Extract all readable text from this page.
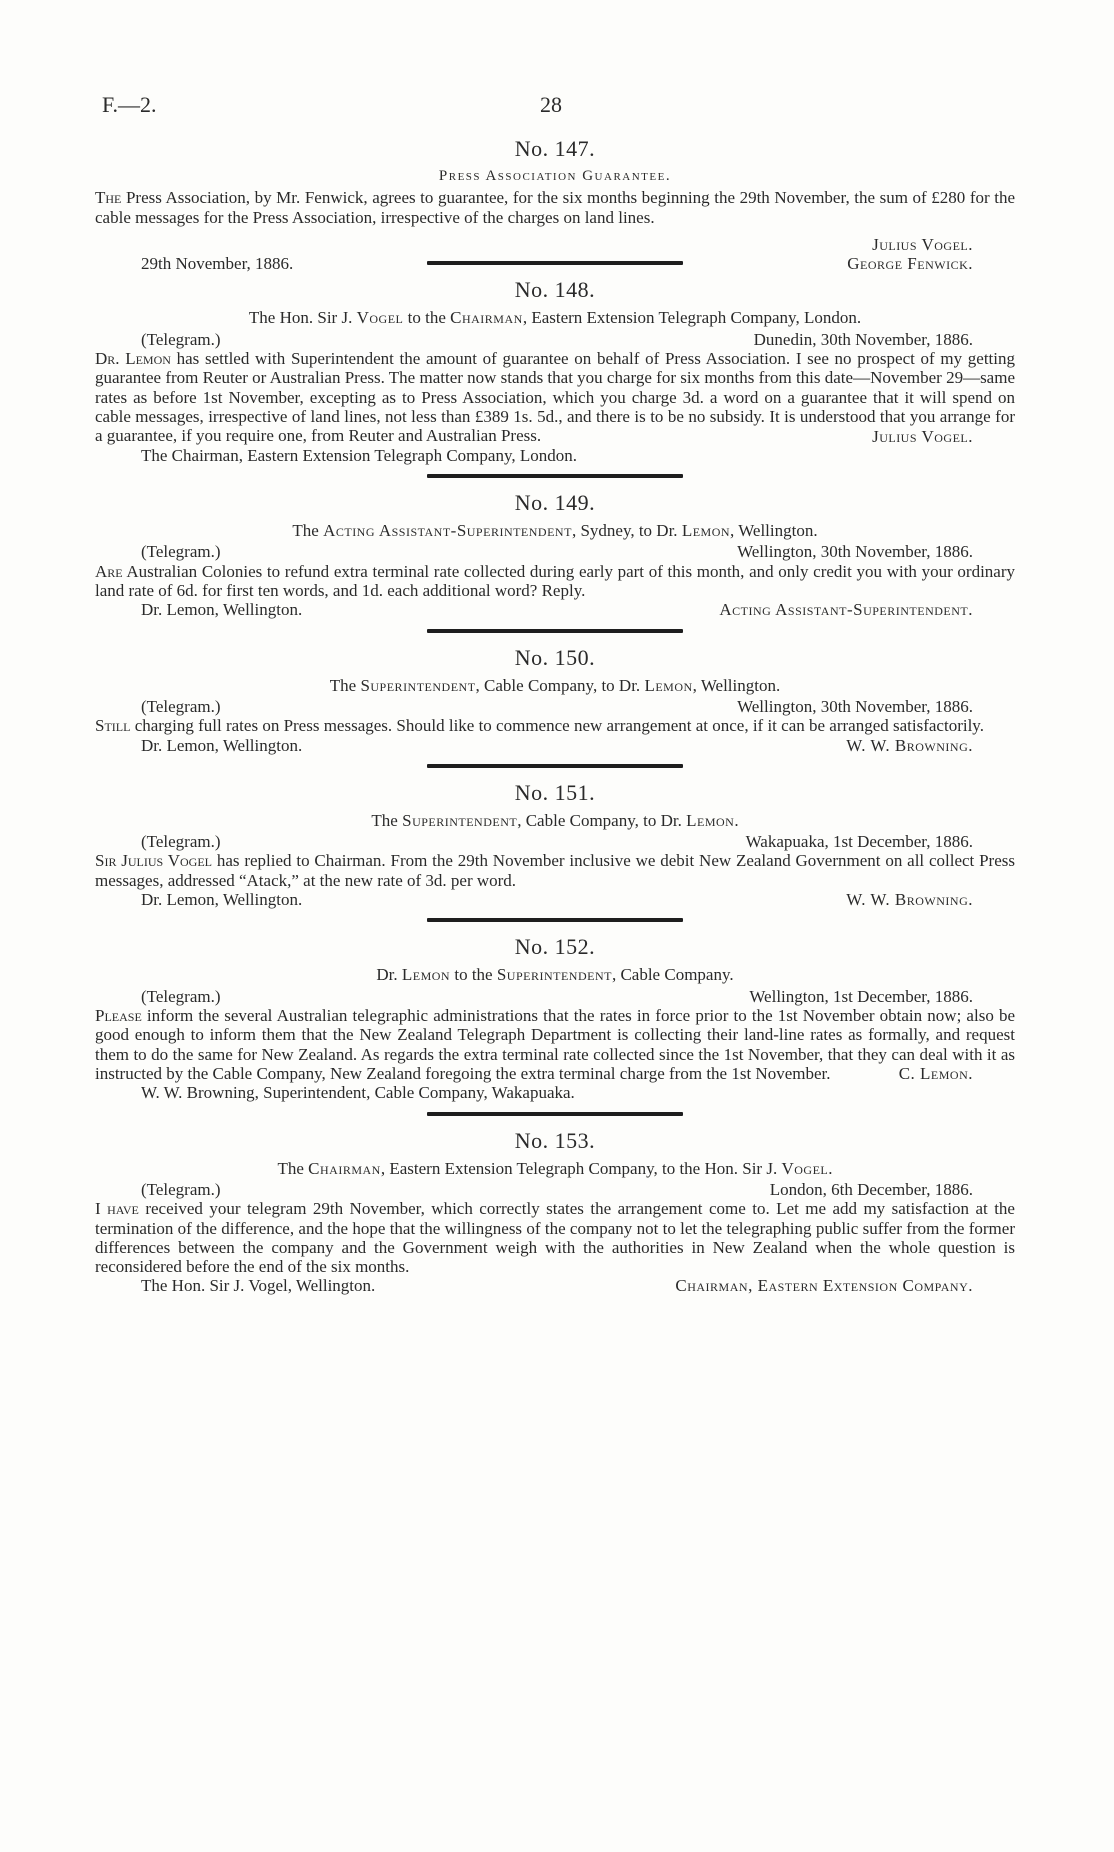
F.—2.	28
No. 147.
Press Association Guarantee.

The Press Association, by Mr. Fenwick, agrees to guarantee, for the six months beginning the 29th November, the sum of £280 for the cable messages for the Press Association, irrespective of the charges on land lines.

Julius Vogel.
29th November, 1886.	George Fenwick.
No. 148.
The Hon. Sir J. Vogel to the Chairman, Eastern Extension Telegraph Company, London.
(Telegram.)	Dunedin, 30th November, 1886.

Dr. Lemon has settled with Superintendent the amount of guarantee on behalf of Press Association. I see no prospect of my getting guarantee from Reuter or Australian Press. The matter now stands that you charge for six months from this date—November 29—same rates as before 1st November, excepting as to Press Association, which you charge 3d. a word on a guarantee that it will spend on cable messages, irrespective of land lines, not less than £389 1s. 5d., and there is to be no subsidy. It is understood that you arrange for a guarantee, if you require one, from Reuter and Australian Press.	Julius Vogel.
The Chairman, Eastern Extension Telegraph Company, London.
No. 149.
The Acting Assistant-Superintendent, Sydney, to Dr. Lemon, Wellington.
(Telegram.)	Wellington, 30th November, 1886.

Are Australian Colonies to refund extra terminal rate collected during early part of this month, and only credit you with your ordinary land rate of 6d. for first ten words, and 1d. each additional word? Reply.

Dr. Lemon, Wellington.	Acting Assistant-Superintendent.
No. 150.
The Superintendent, Cable Company, to Dr. Lemon, Wellington.
(Telegram.)	Wellington, 30th November, 1886.

Still charging full rates on Press messages. Should like to commence new arrangement at once, if it can be arranged satisfactorily.

Dr. Lemon, Wellington.	W. W. Browning.
No. 151.
The Superintendent, Cable Company, to Dr. Lemon.
(Telegram.)	Wakapuaka, 1st December, 1886.

Sir Julius Vogel has replied to Chairman. From the 29th November inclusive we debit New Zealand Government on all collect Press messages, addressed “Atack,” at the new rate of 3d. per word.

Dr. Lemon, Wellington.	W. W. Browning.
No. 152.
Dr. Lemon to the Superintendent, Cable Company.
(Telegram.)	Wellington, 1st December, 1886.

Please inform the several Australian telegraphic administrations that the rates in force prior to the 1st November obtain now; also be good enough to inform them that the New Zealand Telegraph Department is collecting their land-line rates as formally, and request them to do the same for New Zealand. As regards the extra terminal rate collected since the 1st November, that they can deal with it as instructed by the Cable Company, New Zealand foregoing the extra terminal charge from the 1st November.	C. Lemon.
W. W. Browning, Superintendent, Cable Company, Wakapuaka.
No. 153.
The Chairman, Eastern Extension Telegraph Company, to the Hon. Sir J. Vogel.
(Telegram.)	London, 6th December, 1886.

I have received your telegram 29th November, which correctly states the arrangement come to. Let me add my satisfaction at the termination of the difference, and the hope that the willingness of the company not to let the telegraphing public suffer from the former differences between the company and the Government weigh with the authorities in New Zealand when the whole question is reconsidered before the end of the six months.

The Hon. Sir J. Vogel, Wellington.	Chairman, Eastern Extension Company.
